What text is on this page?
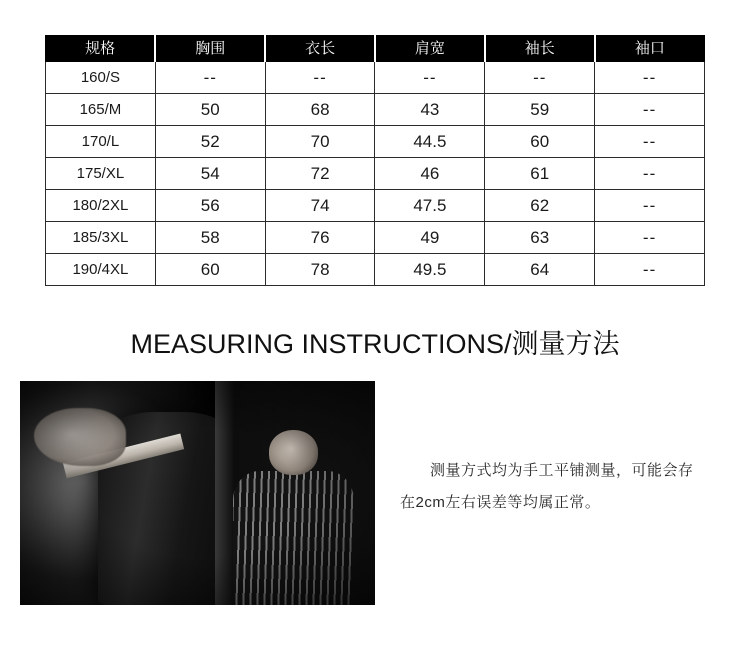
规格	胸围	衣长	肩宽	袖长	袖口
160/S	--	--	--	--	--
165/M	50	68	43	59	--
170/L	52	70	44.5	60	--
175/XL	54	72	46	61	--
180/2XL	56	74	47.5	62	--
185/3XL	58	76	49	63	--
190/4XL	60	78	49.5	64	--
MEASURING INSTRUCTIONS/测量方法
测量方式均为手工平铺测量，可能会存
在2cm左右误差等均属正常。
